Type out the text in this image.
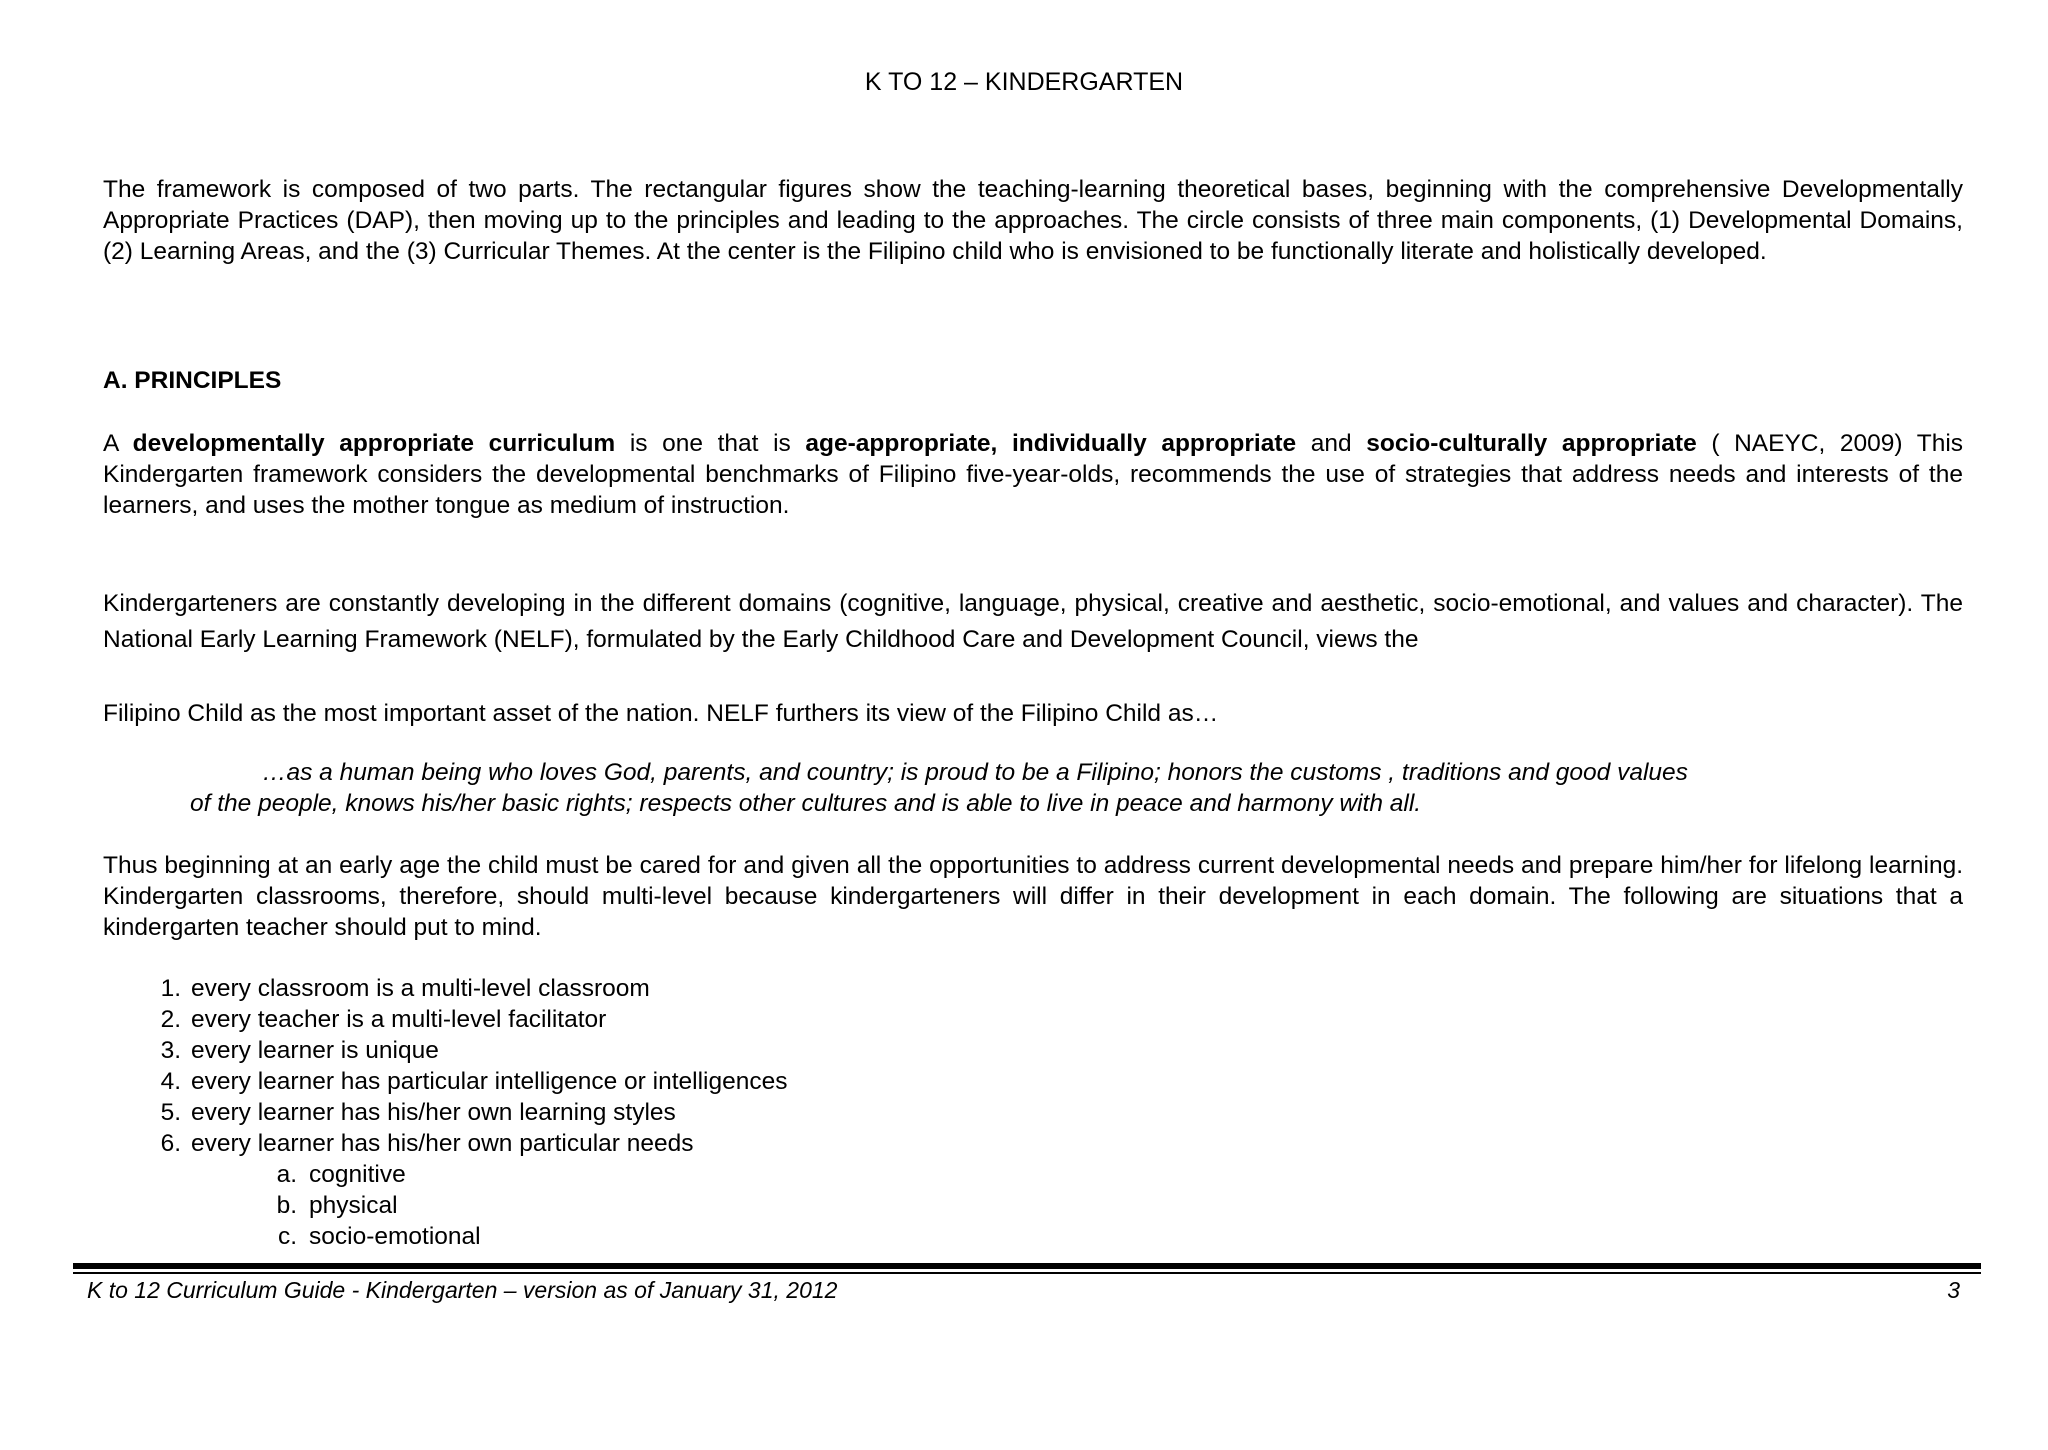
K TO 12 – KINDERGARTEN
The framework is composed of two parts. The rectangular figures show the teaching-learning theoretical bases, beginning with the comprehensive Developmentally Appropriate Practices (DAP), then moving up to the principles and leading to the approaches. The circle consists of three main components, (1) Developmental Domains, (2) Learning Areas, and the (3) Curricular Themes. At the center is the Filipino child who is envisioned to be functionally literate and holistically developed.
A. PRINCIPLES
A developmentally appropriate curriculum is one that is age-appropriate, individually appropriate and socio-culturally appropriate ( NAEYC, 2009) This Kindergarten framework considers the developmental benchmarks of Filipino five-year-olds, recommends the use of strategies that address needs and interests of the learners, and uses the mother tongue as medium of instruction.
Kindergarteners are constantly developing in the different domains (cognitive, language, physical, creative and aesthetic, socio-emotional, and values and character). The National Early Learning Framework (NELF), formulated by the Early Childhood Care and Development Council, views the
Filipino Child as the most important asset of the nation. NELF furthers its view of the Filipino Child as…
…as a human being who loves God, parents, and country; is proud to be a Filipino; honors the customs , traditions and good values
of the people, knows his/her basic rights; respects other cultures and is able to live in peace and harmony with all.
Thus beginning at an early age the child must be cared for and given all the opportunities to address current developmental needs and prepare him/her for lifelong learning. Kindergarten classrooms, therefore, should multi-level because kindergarteners will differ in their development in each domain. The following are situations that a kindergarten teacher should put to mind.
1. every classroom is a multi-level classroom
2. every teacher is a multi-level facilitator
3. every learner is unique
4. every learner has particular intelligence or intelligences
5. every learner has his/her own learning styles
6. every learner has his/her own particular needs
a. cognitive
b. physical
c. socio-emotional
K to 12 Curriculum Guide - Kindergarten – version as of January 31, 2012	3
